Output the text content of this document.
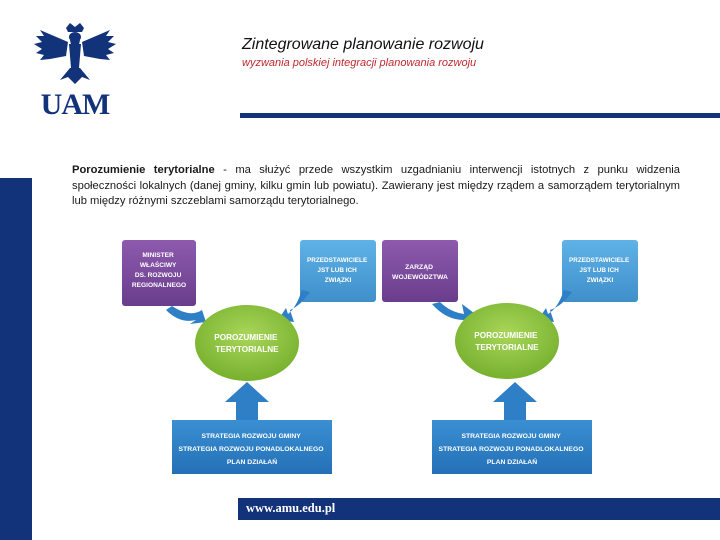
UAM
Zintegrowane planowanie rozwoju
wyzwania polskiej integracji planowania rozwoju
Porozumienie terytorialne - ma służyć przede wszystkim uzgadnianiu interwencji istotnych z punku widzenia społeczności lokalnych (danej gminy, kilku gmin lub powiatu). Zawierany jest między rządem a samorządem terytorialnym lub między różnymi szczeblami samorządu terytorialnego.
MINISTER WŁAŚCIWY DS. ROZWOJU REGIONALNEGO
PRZEDSTAWICIELE JST LUB ICH ZWIĄZKI
POROZUMIENIE TERYTORIALNE
STRATEGIA ROZWOJU GMINY STRATEGIA ROZWOJU PONADLOKALNEGO PLAN DZIAŁAŃ
ZARZĄD WOJEWÓDZTWA
PRZEDSTAWICIELE JST LUB ICH ZWIĄZKI
POROZUMIENIE TERYTORIALNE
STRATEGIA ROZWOJU GMINY STRATEGIA ROZWOJU PONADLOKALNEGO PLAN DZIAŁAŃ
www.amu.edu.pl
